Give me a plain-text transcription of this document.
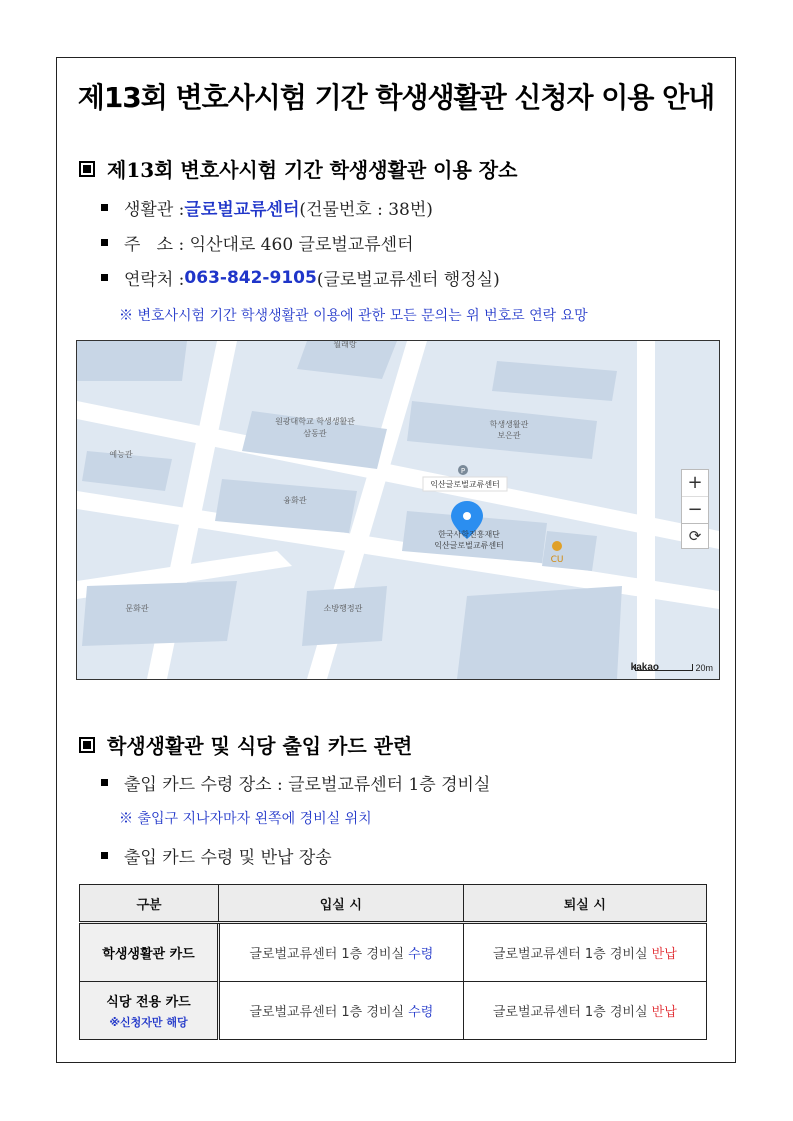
제13회 변호사시험 기간 학생생활관 신청자 이용 안내
제13회 변호사시험 기간 학생생활관 이용 장소
생활관 : 글로벌교류센터 (건물번호 : 38번)
주   소 : 익산대로 460 글로벌교류센터
연락처 : 063-842-9105 (글로벌교류센터 행정실)
※ 변호사시험 기간 학생생활관 이용에 관한 모든 문의는 위 번호로 연락 요망
월래랑
원광대학교 학생생활관
삼동관
학생생활관
보은관
예능관
융화관
문화관	소방행정관
P
익산글로벌교류센터
한국사학진흥재단
익산글로벌교류센터
CU
+
−
⟳
kakao	20m
학생생활관 및 식당 출입 카드 관련
출입 카드 수령 장소 : 글로벌교류센터 1층 경비실
※ 출입구 지나자마자 왼쪽에 경비실 위치
출입 카드 수령 및 반납 장송
구분	입실 시	퇴실 시
학생생활관 카드	글로벌교류센터 1층 경비실 수령	글로벌교류센터 1층 경비실 반납
식당 전용 카드
※신청자만 해당	글로벌교류센터 1층 경비실 수령	글로벌교류센터 1층 경비실 반납
